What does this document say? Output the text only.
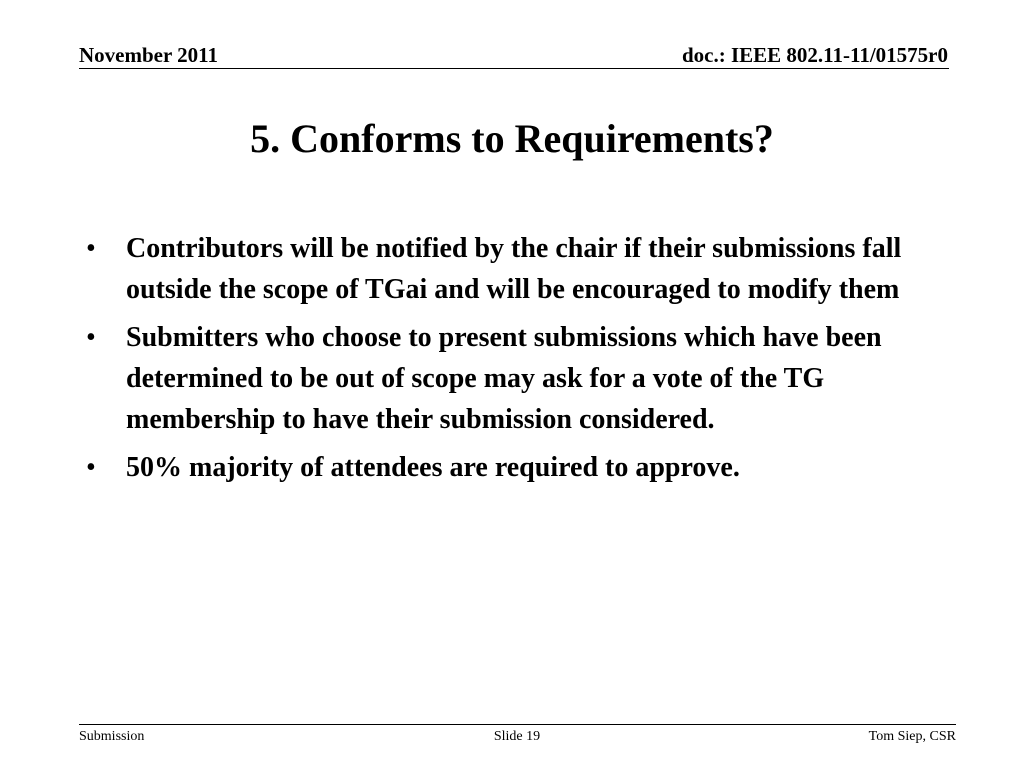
November 2011	doc.: IEEE 802.11-11/01575r0
5. Conforms to Requirements?
• Contributors will be notified by the chair if their submissions fall outside the scope of TGai and will be encouraged to modify them
• Submitters who choose to present submissions which have been determined to be out of scope may ask for a vote of the TG membership to have their submission considered.
• 50% majority of attendees are required to approve.
Submission	Slide 19	Tom Siep, CSR
